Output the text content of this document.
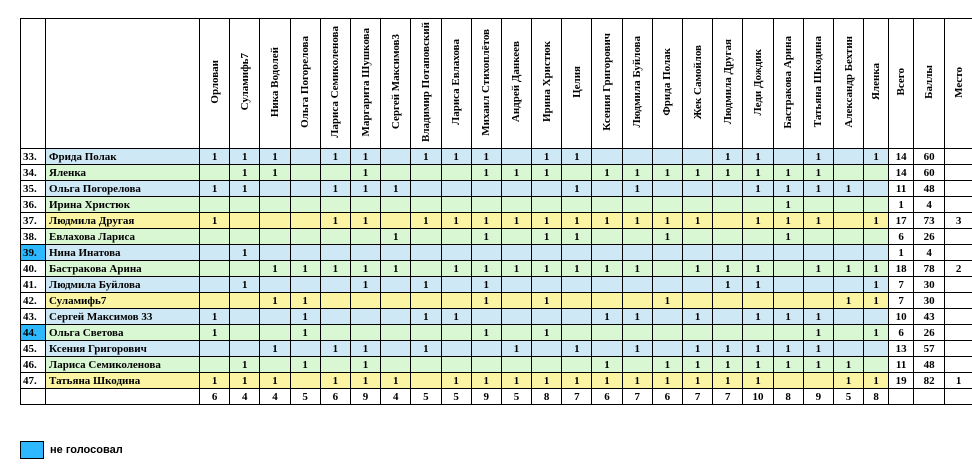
		Орловаи	Суламифь7	Ника Водолей	Ольга Погорелова	Лариса Семиколенова	Маргарита Шушкова	Сергей Максимов3	Владимир Потаповский	Лариса Евлахова	Михаил Стихоплётов	Андрей Данкеев	Ирина Христюк	Целия	Ксения Григорович	Людмила Буйлова	Фрида Полак	Жек Самойлов	Людмила Другая	Леди Дождик	Бастракова Арина	Татьяна Шкодина	Александр Бехтин	Яленка	Всего	Баллы	Место
33.	Фрида Полак	1	1	1		1	1		1	1	1		1	1					1	1		1		1	14	60	
34.	Яленка		1	1			1				1	1	1		1	1	1	1	1	1	1	1			14	60	
35.	Ольга Погорелова	1	1			1	1	1						1		1				1	1	1	1		11	48	
36.	Ирина Христюк																				1				1	4	
37.	Людмила Другая	1				1	1		1	1	1	1	1	1	1	1	1	1		1	1	1		1	17	73	3
38.	Евлахова Лариса							1			1		1	1			1				1				6	26	
39.	Нина Инатова		1																						1	4	
40.	Бастракова Арина			1	1	1	1	1		1	1	1	1	1	1	1		1	1	1		1	1	1	18	78	2
41.	Людмила Буйлова		1				1		1		1								1	1				1	7	30	
42.	Суламифь7			1	1						1		1				1						1	1	7	30	
43.	Сергей Максимов 33	1			1				1	1					1	1		1		1	1	1			10	43	
44.	Ольга Светова	1			1						1		1									1		1	6	26	
45.	Ксения Григорович			1		1	1		1			1		1		1		1	1	1	1	1			13	57	
46.	Лариса Семиколенова		1		1		1								1		1	1	1	1	1	1	1		11	48	
47.	Татьяна Шкодина	1	1	1		1	1	1		1	1	1	1	1	1	1	1	1	1	1			1	1	19	82	1
		6	4	4	5	6	9	4	5	5	9	5	8	7	6	7	6	7	7	10	8	9	5	8			
не голосовал
